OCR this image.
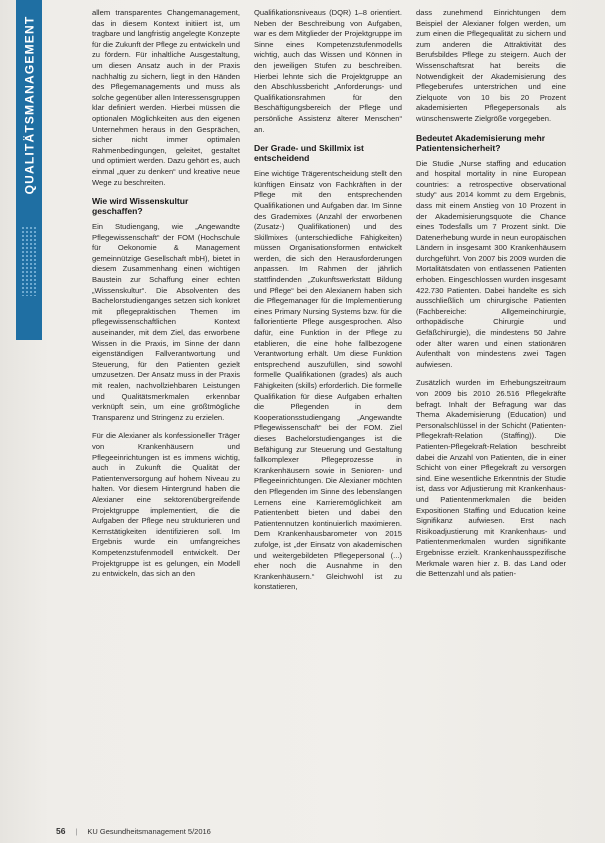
QUALITÄTSMANAGEMENT

allem transparentes Changemanagement, das in diesem Kontext initiiert ist, um tragbare und langfristig angelegte Konzepte für die Zukunft der Pflege zu entwickeln und zu fördern. Für inhaltliche Ausgestaltung, um diesen Ansatz auch in der Praxis nachhaltig zu sichern, liegt in den Händen des Pflegemanagements und muss als solche gegenüber allen Interessensgruppen klar definiert werden. Hierbei müssen die optionalen Möglichkeiten aus den eigenen Unternehmen heraus in den Gesprächen, sicher nicht immer optimalen Rahmenbedingungen, geleitet, gestaltet und optimiert werden. Dazu gehört es, auch einmal „quer zu denken“ und kreative neue Wege zu beschreiten.

Wie wird Wissenskultur geschaffen?

Ein Studiengang, wie „Angewandte Pflegewissenschaft“ der FOM (Hochschule für Oekonomie & Management gemeinnützige Gesellschaft mbH), bietet in diesem Zusammenhang einen wichtigen Baustein zur Schaffung einer echten „Wissenskultur“. Die Absolventen des Bachelorstudienganges setzen sich konkret mit pflegepraktischen Themen im pflegewissenschaftlichen Kontext auseinander, mit dem Ziel, das erworbene Wissen in die Praxis, im Sinne der dann eigenständigen Fallverantwortung und Steuerung, für den Patienten gezielt umzusetzen. Der Ansatz muss in der Praxis mit realen, nachvollziehbaren Leistungen und Qualitätsmerkmalen erkennbar verknüpft sein, um eine größtmögliche Transparenz und Stringenz zu erzielen.

Für die Alexianer als konfessioneller Träger von Krankenhäusern und Pflegeeinrichtungen ist es immens wichtig, auch in Zukunft die Qualität der Patientenversorgung auf hohem Niveau zu halten. Vor diesem Hintergrund haben die Alexianer eine sektorenübergreifende Projektgruppe implementiert, die die Aufgaben der Pflege neu strukturieren und Kernstätigkeiten identifizieren soll. Im Ergebnis wurde ein umfangreiches Kompetenzstufenmodell entwickelt. Der Projektgruppe ist es gelungen, ein Modell zu entwickeln, das sich an den

Qualifikationsniveaus (DQR) 1–8 orientiert. Neben der Beschreibung von Aufgaben, war es dem Mitglieder der Projektgruppe im Sinne eines Kompetenzstufenmodells wichtig, auch das Wissen und Können in den jeweiligen Stufen zu beschreiben. Hierbei lehnte sich die Projektgruppe an den Abschlussbericht „Anforderungs- und Qualifikationsrahmen für den Beschäftigungsbereich der Pflege und persönliche Assistenz älterer Menschen“ an.

Der Grade- und Skillmix ist entscheidend

Eine wichtige Trägerentscheidung stellt den künftigen Einsatz von Fachkräften in der Pflege mit den entsprechenden Qualifikationen und Aufgaben dar. Im Sinne des Grademixes (Anzahl der erworbenen (Zusatz-) Qualifikationen) und des Skillmixes (unterschiedliche Fähigkeiten) müssen Organisationsformen entwickelt werden, die sich den Herausforderungen anpassen. Im Rahmen der jährlich stattfindenden „Zukunftswerkstatt Bildung und Pflege“ bei den Alexianern haben sich die Pflegemanager für die Implementierung eines Primary Nursing Systems bzw. für die fallorientierte Pflege ausgesprochen. Also dafür, eine Funktion in der Pflege zu etablieren, die eine hohe fallbezogene Verantwortung erhält. Um diese Funktion entsprechend auszufüllen, sind sowohl formelle Qualifikationen (grades) als auch Fähigkeiten (skills) erforderlich. Die formelle Qualifikation für diese Aufgaben erhalten die Pflegenden in dem Kooperationsstudiengang „Angewandte Pflegewissenschaft“ bei der FOM. Ziel dieses Bachelorstudienganges ist die Befähigung zur Steuerung und Gestaltung fallkomplexer Pflegeprozesse in Krankenhäusern sowie in Senioren- und Pflegeeinrichtungen. Die Alexianer möchten den Pflegenden im Sinne des lebenslangen Lernens eine Karrieremöglichkeit am Patientenbett bieten und dabei den Patientennutzen kontinuierlich maximieren. Dem Krankenhausbarometer von 2015 zufolge, ist „der Einsatz von akademischen und weitergebildeten Pflegepersonal (...) eher noch die Ausnahme in den Krankenhäusern.“ Gleichwohl ist zu konstatieren,

dass zunehmend Einrichtungen dem Beispiel der Alexianer folgen werden, um zum einen die Pflegequalität zu sichern und zum anderen die Attraktivität des Berufsbildes Pflege zu steigern. Auch der Wissenschaftsrat hat bereits die Notwendigkeit der Akademisierung des Pflegeberufes unterstrichen und eine Zielquote von 10 bis 20 Prozent akademisierten Pflegepersonals als wünschenswerte Zielgröße vorgegeben.

Bedeutet Akademisierung mehr Patientensicherheit?

Die Studie „Nurse staffing and education and hospital mortality in nine European countries: a retrospective observational study“ aus 2014 kommt zu dem Ergebnis, dass mit einem Anstieg von 10 Prozent in der Akademisierungsquote die Chance eines Todesfalls um 7 Prozent sinkt. Die Datenerhebung wurde in neun europäischen Ländern in insgesamt 300 Krankenhäusern durchgeführt. Von 2007 bis 2009 wurden die Mortalitätsdaten von entlassenen Patienten erhoben. Eingeschlossen wurden insgesamt 422.730 Patienten. Dabei handelte es sich ausschließlich um chirurgische Patienten (Fachbereiche: Allgemeinchirurgie, orthopädische Chirurgie und Gefäßchirurgie), die mindestens 50 Jahre oder älter waren und einen stationären Aufenthalt von mindestens zwei Tagen aufwiesen.

Zusätzlich wurden im Erhebungszeitraum von 2009 bis 2010 26.516 Pflegekräfte befragt. Inhalt der Befragung war das Thema Akademisierung (Education) und Personalschlüssel in der Schicht (Patienten-Pflegekraft-Relation (Staffing)). Die Patienten-Pflegekraft-Relation beschreibt dabei die Anzahl von Patienten, die in einer Schicht von einer Pflegekraft zu versorgen sind. Eine wesentliche Erkenntnis der Studie ist, dass vor Adjustierung mit Krankenhaus- und Patientenmerkmalen die beiden Expositionen Staffing und Education keine Signifikanz aufwiesen. Erst nach Risikoadjustierung mit Krankenhaus- und Patientenmerkmalen wurden signifikante Ergebnisse erzielt. Krankenhausspezifische Merkmale waren hier z. B. das Land oder die Bettenzahl und als patien-

56 | KU Gesundheitsmanagement 5/2016
